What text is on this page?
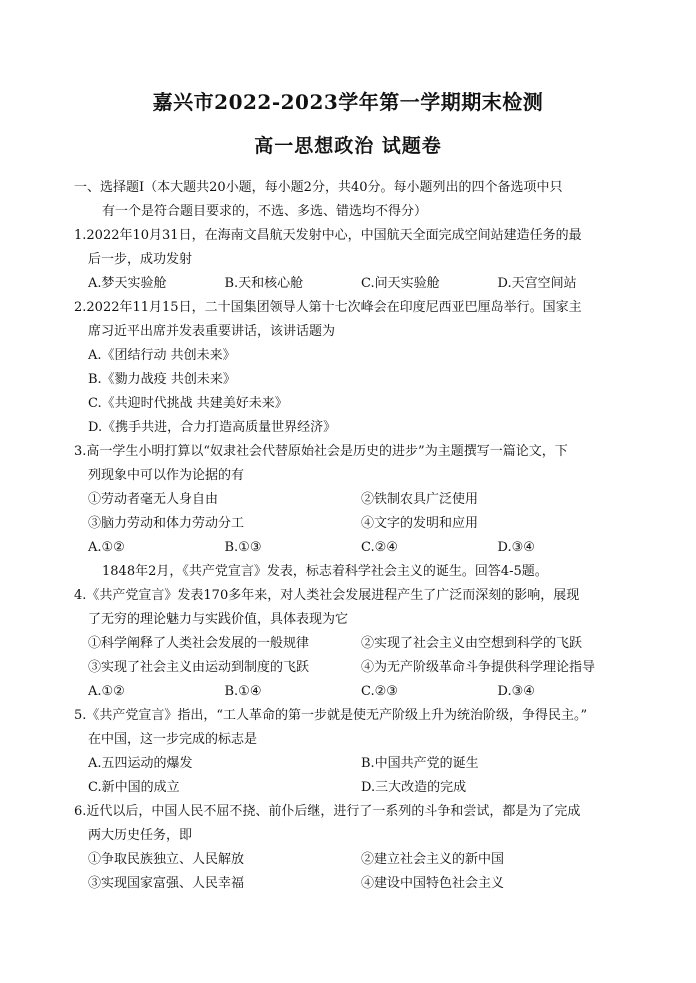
嘉兴市2022-2023学年第一学期期末检测
高一思想政治 试题卷
一、选择题Ⅰ（本大题共20小题，每小题2分，共40分。每小题列出的四个备选项中只
有一个是符合题目要求的，不选、多选、错选均不得分）
1.2022年10月31日，在海南文昌航天发射中心，中国航天全面完成空间站建造任务的最
后一步，成功发射
A.梦天实验舱	B.天和核心舱	C.问天实验舱	D.天宫空间站
2.2022年11月15日，二十国集团领导人第十七次峰会在印度尼西亚巴厘岛举行。国家主
席习近平出席并发表重要讲话，该讲话题为
A.《团结行动 共创未来》
B.《勠力战疫 共创未来》
C.《共迎时代挑战 共建美好未来》
D.《携手共进，合力打造高质量世界经济》
3.高一学生小明打算以“奴隶社会代替原始社会是历史的进步”为主题撰写一篇论文，下
列现象中可以作为论据的有
①劳动者毫无人身自由	②铁制农具广泛使用
③脑力劳动和体力劳动分工	④文字的发明和应用
A.①②	B.①③	C.②④	D.③④
1848年2月，《共产党宣言》发表，标志着科学社会主义的诞生。回答4-5题。
4.《共产党宣言》发表170多年来，对人类社会发展进程产生了广泛而深刻的影响，展现
了无穷的理论魅力与实践价值，具体表现为它
①科学阐释了人类社会发展的一般规律	②实现了社会主义由空想到科学的飞跃
③实现了社会主义由运动到制度的飞跃	④为无产阶级革命斗争提供科学理论指导
A.①②	B.①④	C.②③	D.③④
5.《共产党宣言》指出，“工人革命的第一步就是使无产阶级上升为统治阶级，争得民主。”
在中国，这一步完成的标志是
A.五四运动的爆发	B.中国共产党的诞生
C.新中国的成立	D.三大改造的完成
6.近代以后，中国人民不屈不挠、前仆后继，进行了一系列的斗争和尝试，都是为了完成
两大历史任务，即
①争取民族独立、人民解放	②建立社会主义的新中国
③实现国家富强、人民幸福	④建设中国特色社会主义
